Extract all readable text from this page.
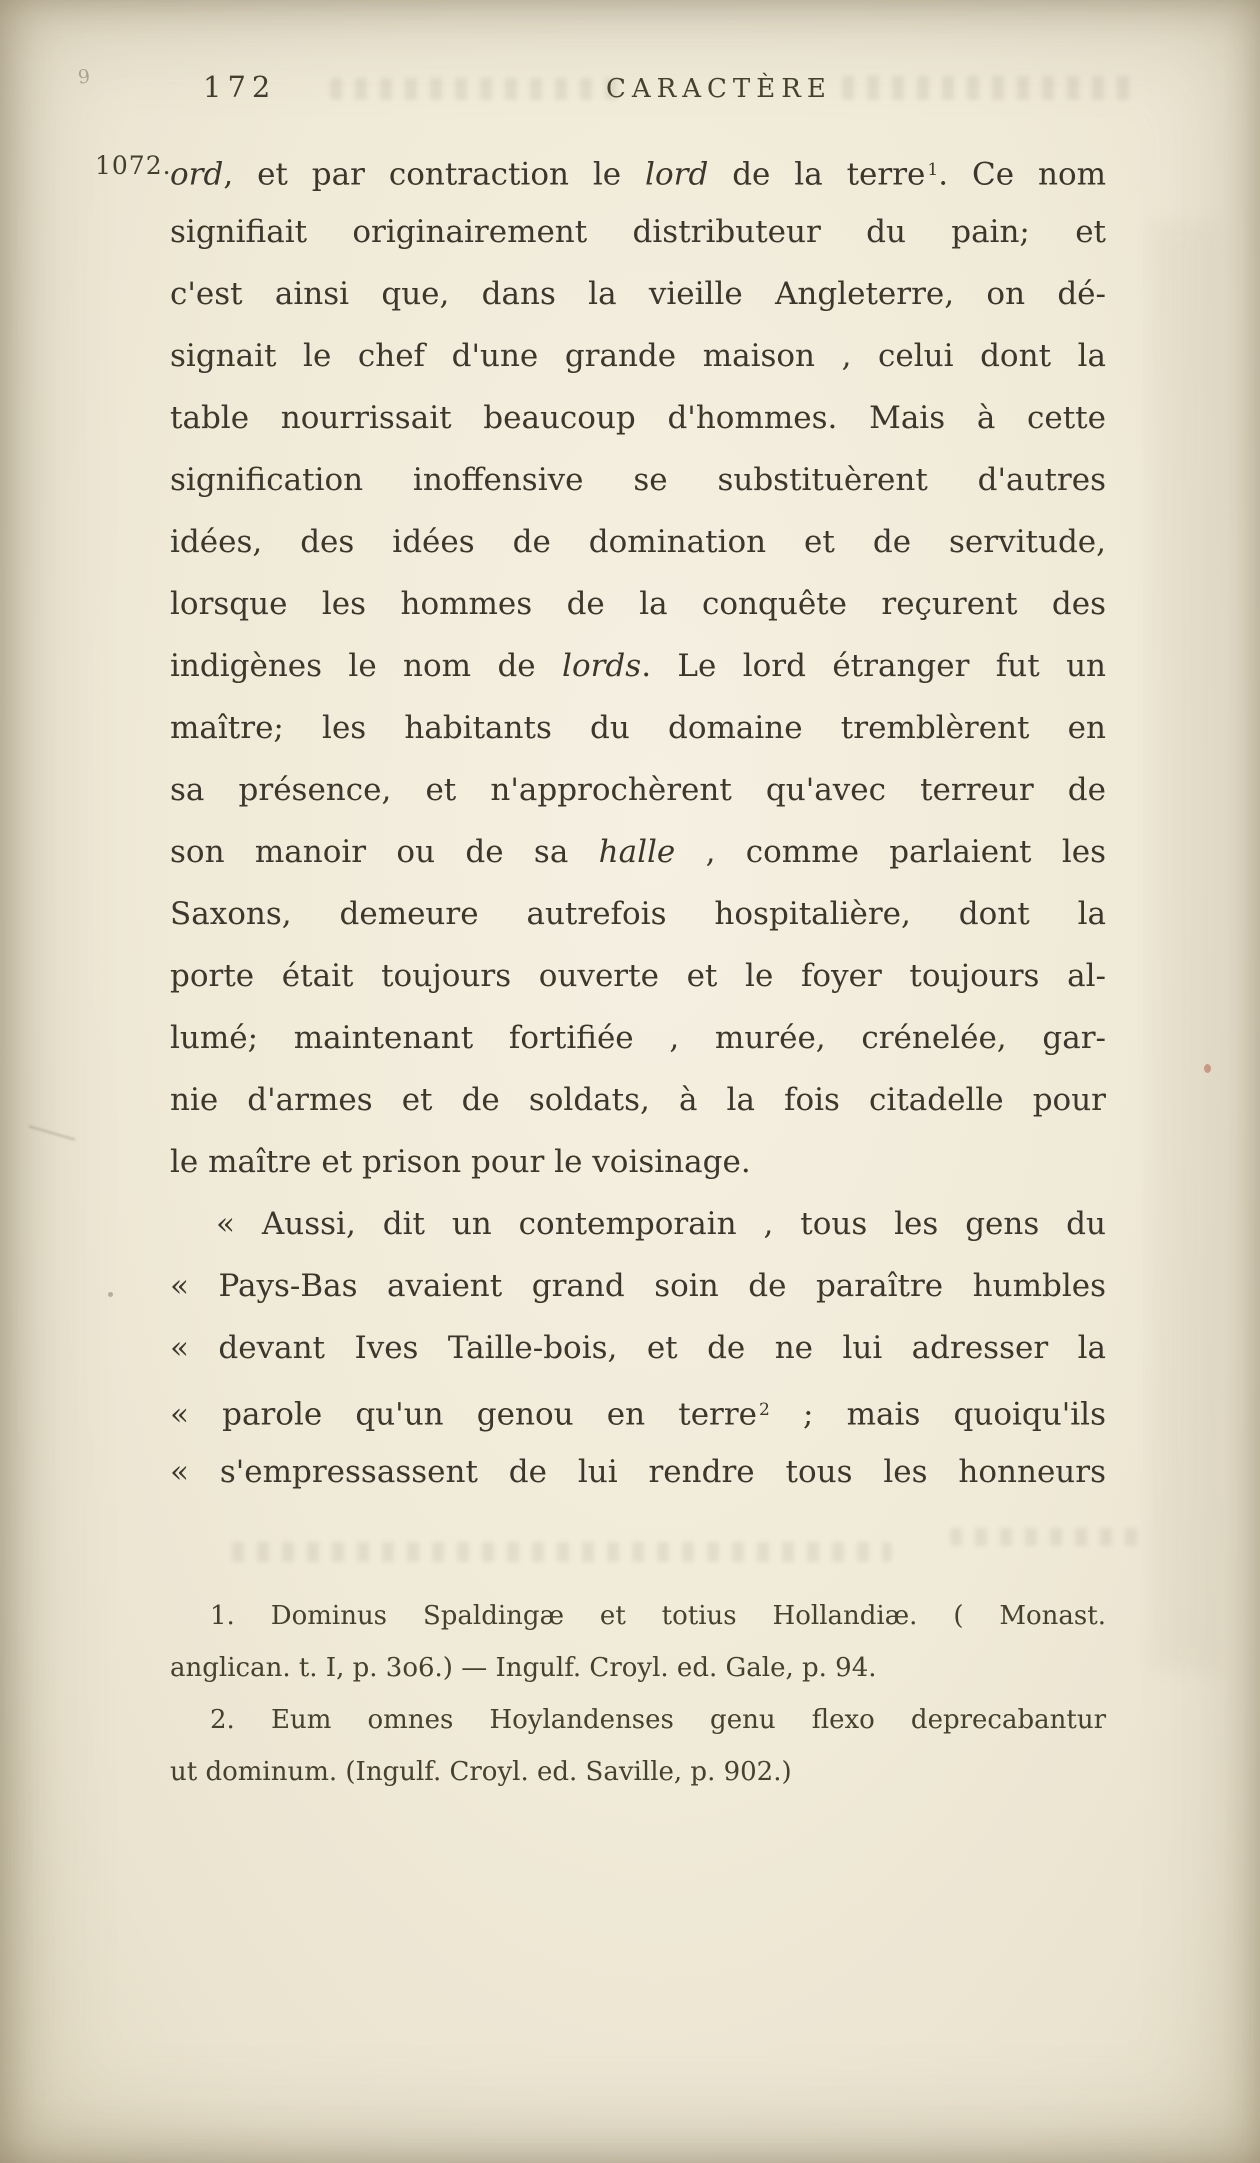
9	172	CARACTÈRE
1072.
ord, et par contraction le lord de la terre $^1$. Ce nom
signifiait originairement distributeur du pain; et
c'est ainsi que, dans la vieille Angleterre, on dé-
signait le chef d'une grande maison , celui dont la
table nourrissait beaucoup d'hommes. Mais à cette
signification inoffensive se substituèrent d'autres
idées, des idées de domination et de servitude,
lorsque les hommes de la conquête reçurent des
indigènes le nom de lords. Le lord étranger fut un
maître; les habitants du domaine tremblèrent en
sa présence, et n'approchèrent qu'avec terreur de
son manoir ou de sa halle , comme parlaient les
Saxons, demeure autrefois hospitalière, dont la
porte était toujours ouverte et le foyer toujours al-
lumé; maintenant fortifiée , murée, crénelée, gar-
nie d'armes et de soldats, à la fois citadelle pour
le maître et prison pour le voisinage.
« Aussi, dit un contemporain , tous les gens du
« Pays-Bas avaient grand soin de paraître humbles
« devant Ives Taille-bois, et de ne lui adresser la
« parole qu'un genou en terre $^2$ ; mais quoiqu'ils
« s'empressassent de lui rendre tous les honneurs
1. Dominus Spaldingæ et totius Hollandiæ. ( Monast.
anglican. t. I, p. 3o6.) — Ingulf. Croyl. ed. Gale, p. 94.
2. Eum omnes Hoylandenses genu flexo deprecabantur
ut dominum. (Ingulf. Croyl. ed. Saville, p. 902.)
